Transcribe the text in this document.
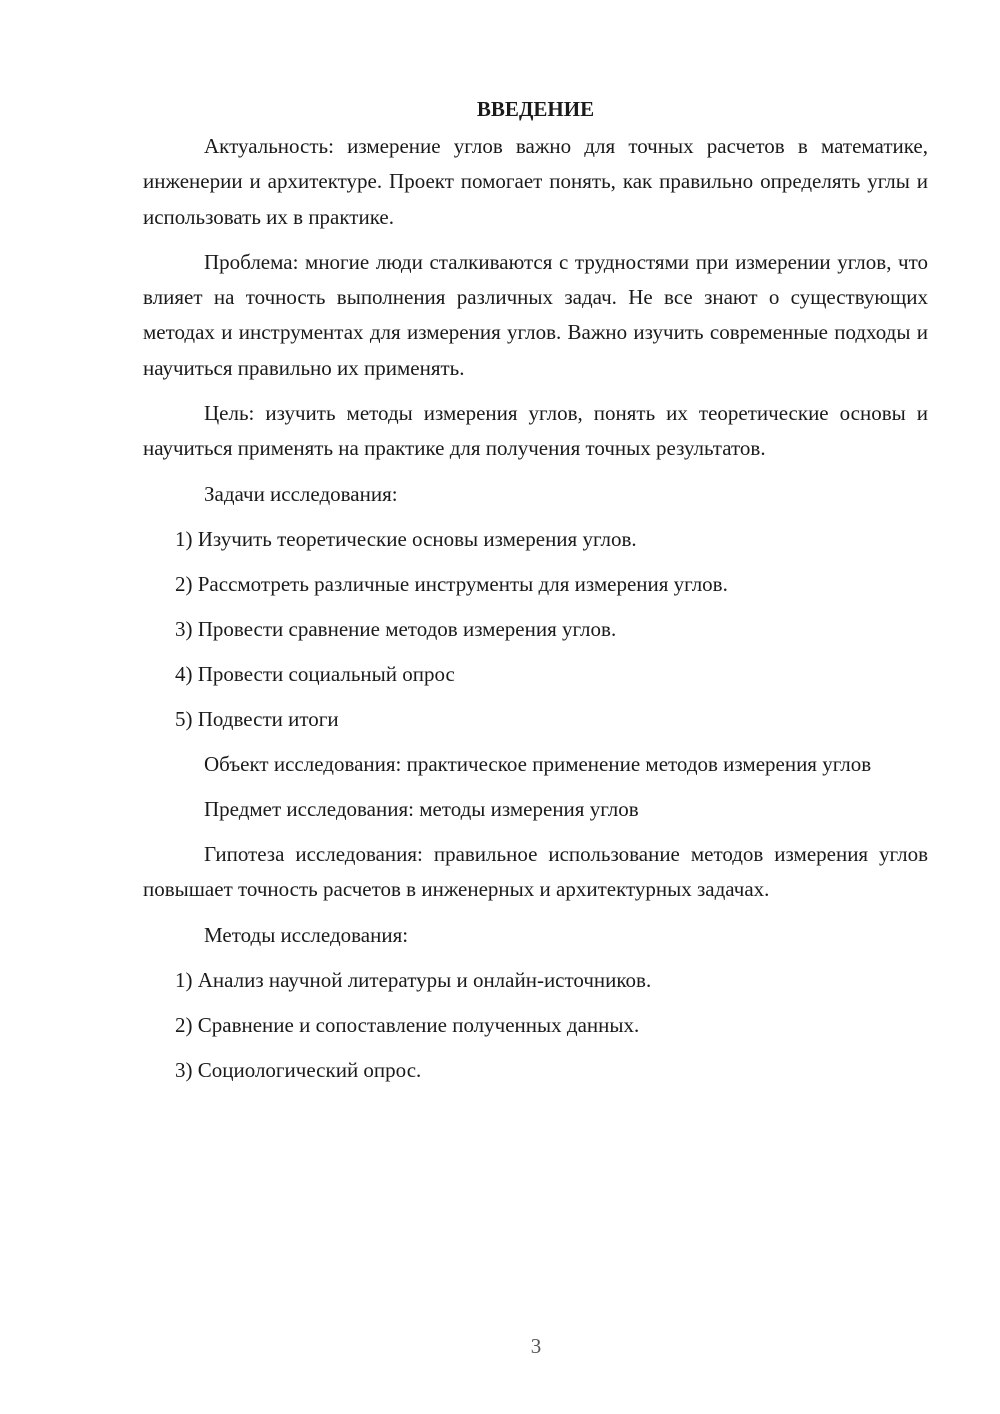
ВВЕДЕНИЕ

Актуальность: измерение углов важно для точных расчетов в математике, инженерии и архитектуре. Проект помогает понять, как правильно определять углы и использовать их в практике.

Проблема: многие люди сталкиваются с трудностями при измерении углов, что влияет на точность выполнения различных задач. Не все знают о существующих методах и инструментах для измерения углов. Важно изучить современные подходы и научиться правильно их применять.

Цель: изучить методы измерения углов, понять их теоретические основы и научиться применять на практике для получения точных результатов.

Задачи исследования:

1) Изучить теоретические основы измерения углов.

2) Рассмотреть различные инструменты для измерения углов.

3) Провести сравнение методов измерения углов.

4) Провести социальный опрос

5) Подвести итоги

Объект исследования: практическое применение методов измерения углов

Предмет исследования: методы измерения углов

Гипотеза исследования: правильное использование методов измерения углов повышает точность расчетов в инженерных и архитектурных задачах.

Методы исследования:

1) Анализ научной литературы и онлайн-источников.

2) Сравнение и сопоставление полученных данных.

3) Социологический опрос.

3
